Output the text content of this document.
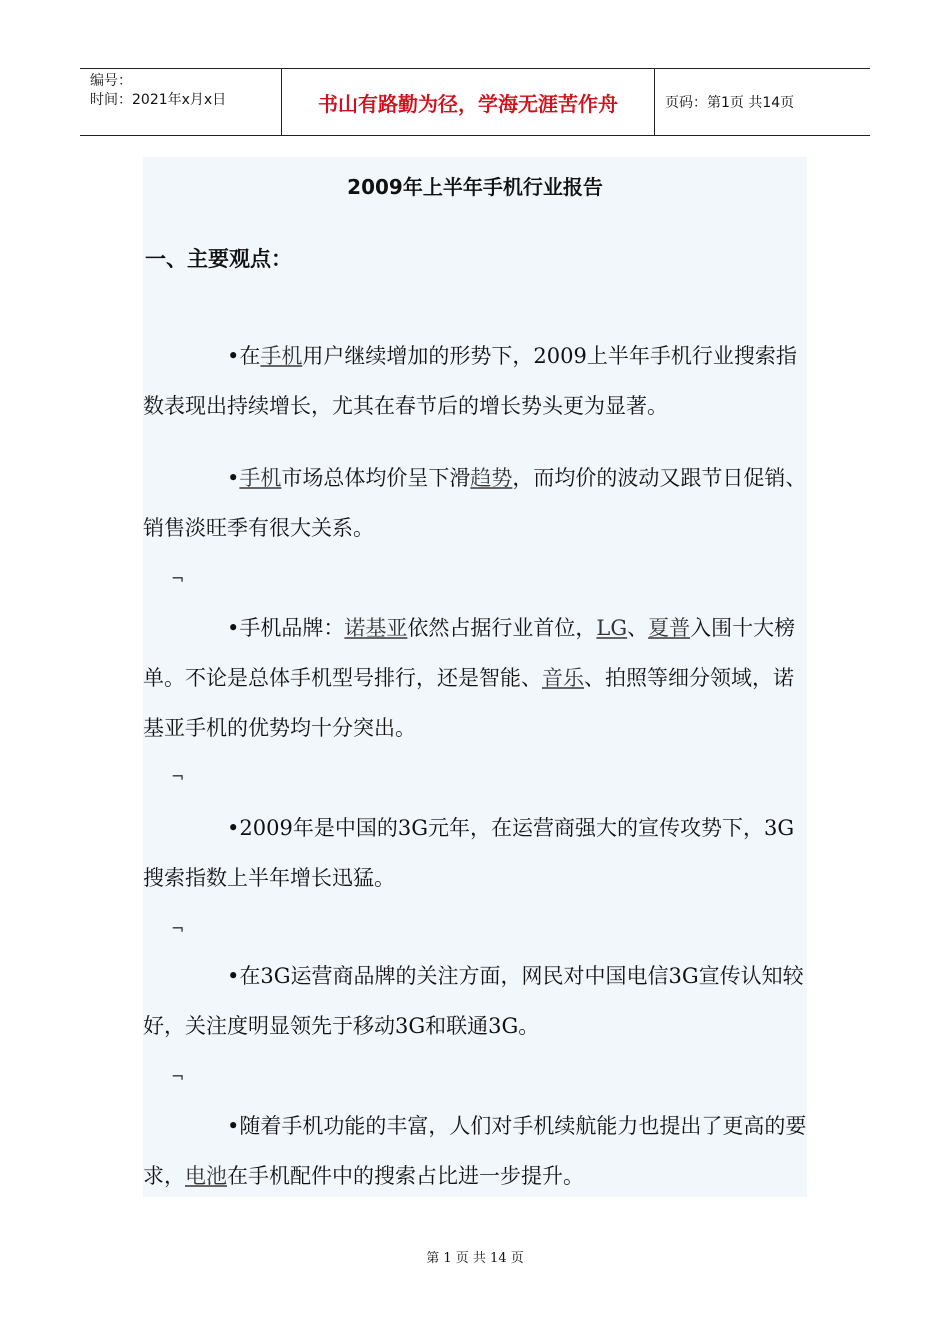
编号：
时间：2021年x月x日	书山有路勤为径，学海无涯苦作舟	页码：第1页 共14页
2009年上半年手机行业报告
一、主要观点：
•在手机用户继续增加的形势下，2009上半年手机行业搜索指数表现出持续增长，尤其在春节后的增长势头更为显著。
•手机市场总体均价呈下滑趋势，而均价的波动又跟节日促销、销售淡旺季有很大关系。
¬
•手机品牌：诺基亚依然占据行业首位，LG、夏普入围十大榜单。不论是总体手机型号排行，还是智能、音乐、拍照等细分领域，诺基亚手机的优势均十分突出。
¬
•2009年是中国的3G元年，在运营商强大的宣传攻势下，3G搜索指数上半年增长迅猛。
¬
•在3G运营商品牌的关注方面，网民对中国电信3G宣传认知较好，关注度明显领先于移动3G和联通3G。
¬
•随着手机功能的丰富，人们对手机续航能力也提出了更高的要求，电池在手机配件中的搜索占比进一步提升。
第 1 页 共 14 页
